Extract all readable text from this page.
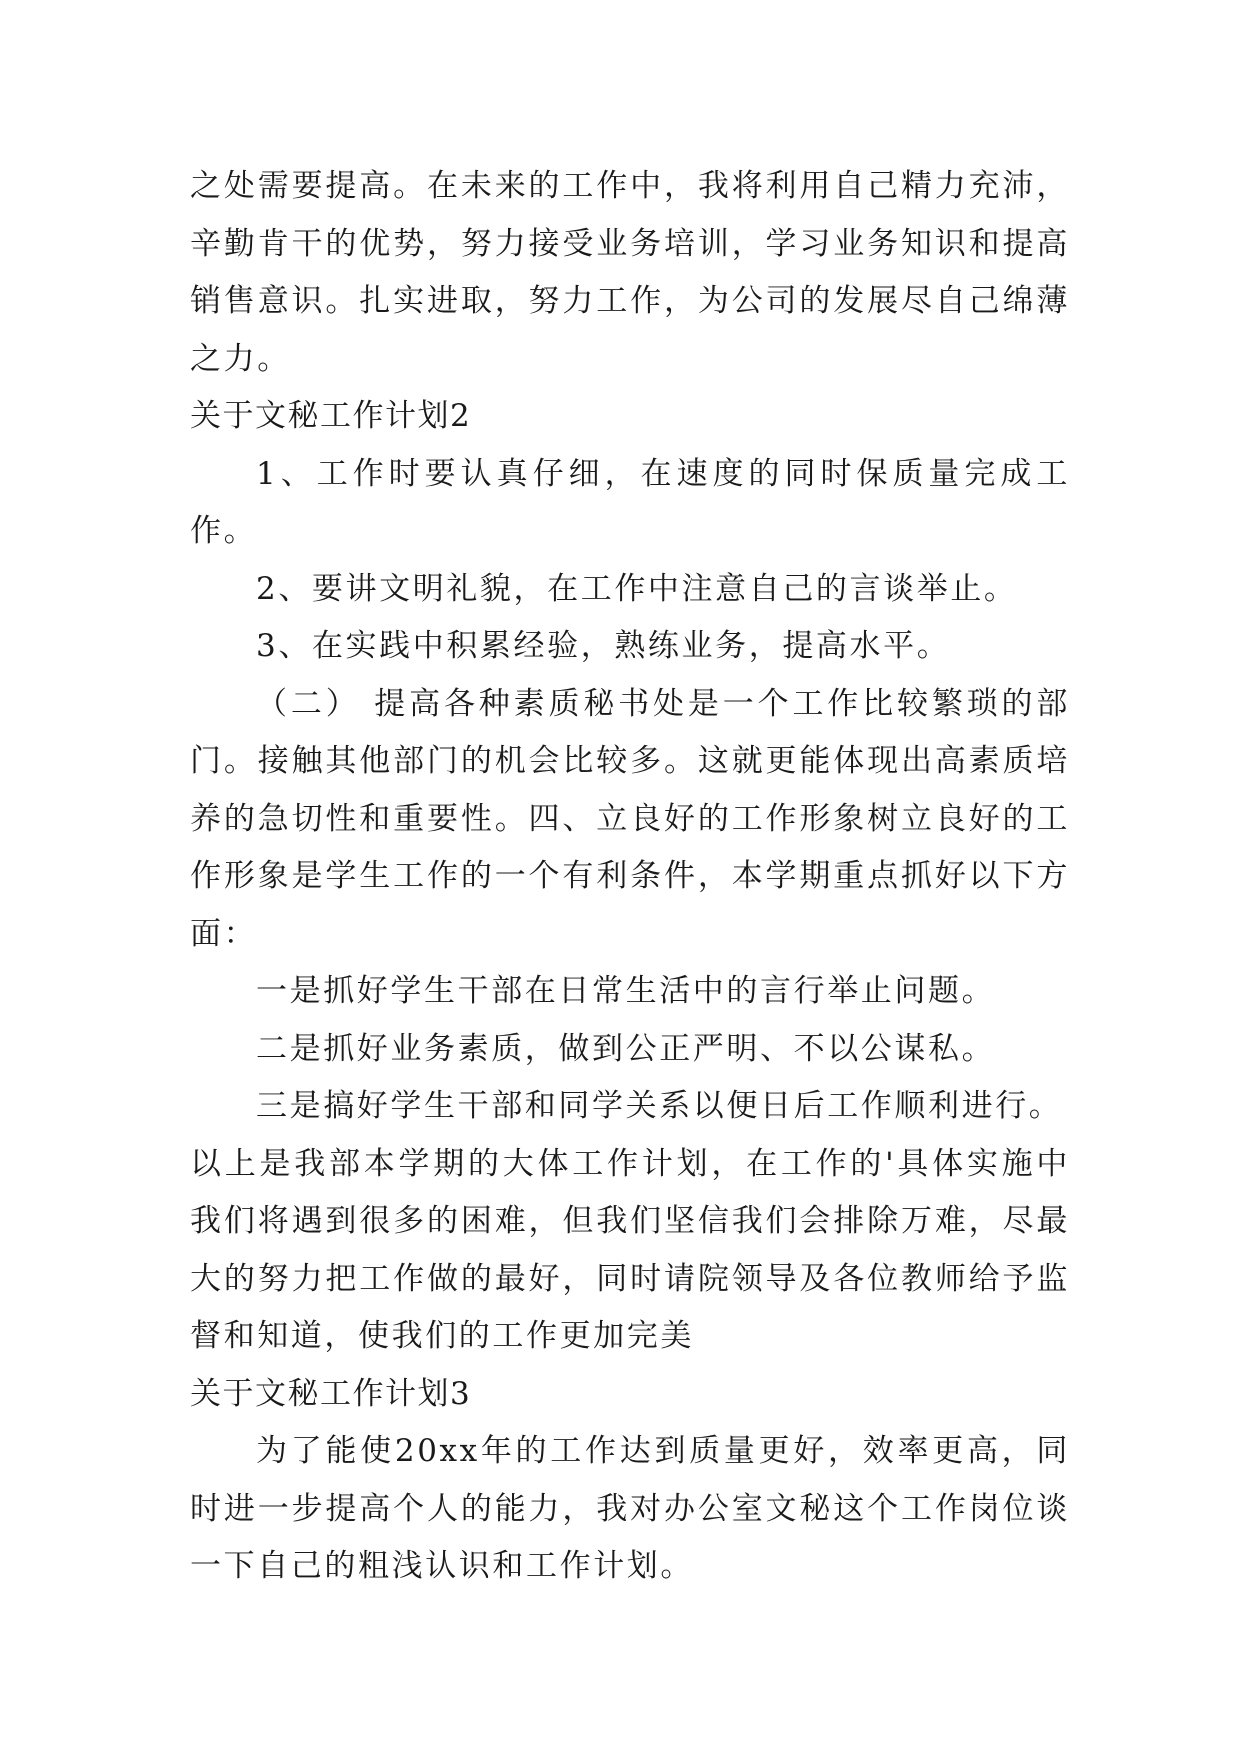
之处需要提高。在未来的工作中，我将利用自己精力充沛，辛勤肯干的优势，努力接受业务培训，学习业务知识和提高销售意识。扎实进取，努力工作，为公司的发展尽自己绵薄之力。

关于文秘工作计划2

1、工作时要认真仔细，在速度的同时保质量完成工作。

2、要讲文明礼貌，在工作中注意自己的言谈举止。

3、在实践中积累经验，熟练业务，提高水平。

（二） 提高各种素质秘书处是一个工作比较繁琐的部门。接触其他部门的机会比较多。这就更能体现出高素质培养的急切性和重要性。四、立良好的工作形象树立良好的工作形象是学生工作的一个有利条件，本学期重点抓好以下方面：

一是抓好学生干部在日常生活中的言行举止问题。

二是抓好业务素质，做到公正严明、不以公谋私。

三是搞好学生干部和同学关系以便日后工作顺利进行。

以上是我部本学期的大体工作计划，在工作的'具体实施中我们将遇到很多的困难，但我们坚信我们会排除万难，尽最大的努力把工作做的最好，同时请院领导及各位教师给予监督和知道，使我们的工作更加完美

关于文秘工作计划3

为了能使20xx年的工作达到质量更好，效率更高，同时进一步提高个人的能力，我对办公室文秘这个工作岗位谈一下自己的粗浅认识和工作计划。
